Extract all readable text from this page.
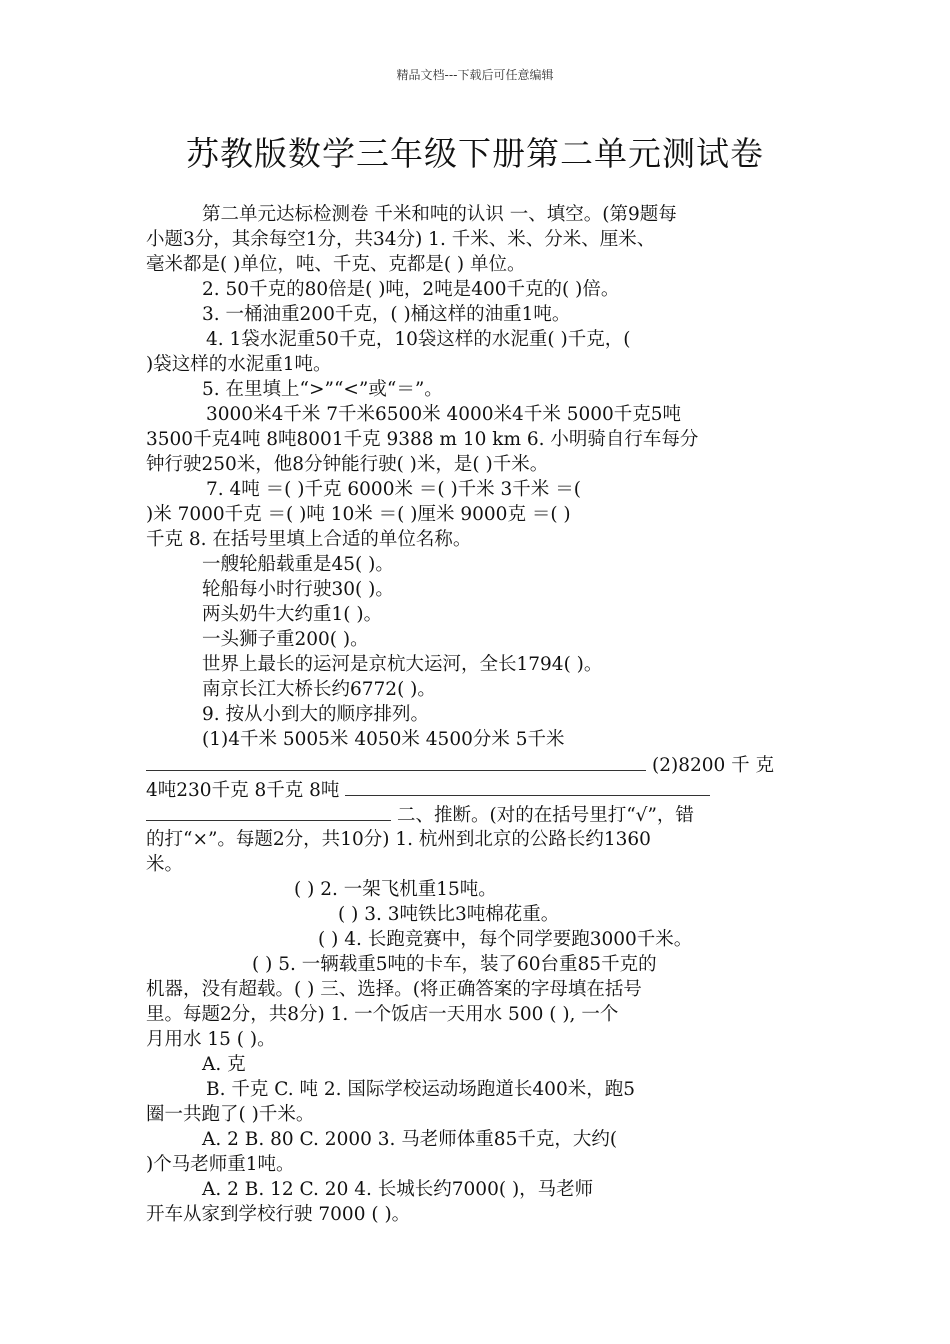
精品文档---下载后可任意编辑
苏教版数学三年级下册第二单元测试卷
第二单元达标检测卷 千米和吨的认识 一、填空。(第9题每
小题3分，其余每空1分，共34分) 1. 千米、米、分米、厘米、
毫米都是( )单位，吨、千克、克都是( ) 单位。
2. 50千克的80倍是( )吨，2吨是400千克的( )倍。
3. 一桶油重200千克，( )桶这样的油重1吨。
4. 1袋水泥重50千克，10袋这样的水泥重( )千克，(
)袋这样的水泥重1吨。
5. 在里填上“>”“<”或“＝”。
3000米4千米 7千米6500米 4000米4千米 5000千克5吨
3500千克4吨 8吨8001千克 9388 m 10 km 6. 小明骑自行车每分
钟行驶250米，他8分钟能行驶( )米，是( )千米。
7. 4吨 ＝( )千克 6000米 ＝( )千米 3千米 ＝(
)米 7000千克 ＝( )吨 10米 ＝( )厘米 9000克 ＝( )
千克 8. 在括号里填上合适的单位名称。
一艘轮船载重是45( )。
轮船每小时行驶30( )。
两头奶牛大约重1( )。
一头狮子重200( )。
世界上最长的运河是京杭大运河，全长1794( )。
南京长江大桥长约6772( )。
9. 按从小到大的顺序排列。
(1)4千米 5005米 4050米 4500分米 5千米
(2)8200 千 克
4吨230千克 8千克 8吨
二、推断。(对的在括号里打“√”，错
的打“×”。每题2分，共10分) 1. 杭州到北京的公路长约1360
米。
( ) 2. 一架飞机重15吨。
( ) 3. 3吨铁比3吨棉花重。
( ) 4. 长跑竞赛中，每个同学要跑3000千米。
( ) 5. 一辆载重5吨的卡车，装了60台重85千克的
机器，没有超载。( ) 三、选择。(将正确答案的字母填在括号
里。每题2分，共8分) 1. 一个饭店一天用水 500 ( ), 一个
月用水 15 ( )。
A. 克
B. 千克 C. 吨 2. 国际学校运动场跑道长400米，跑5
圈一共跑了( )千米。
A. 2 B. 80 C. 2000 3. 马老师体重85千克，大约(
)个马老师重1吨。
A. 2 B. 12 C. 20 4. 长城长约7000( )，马老师
开车从家到学校行驶 7000 ( )。
